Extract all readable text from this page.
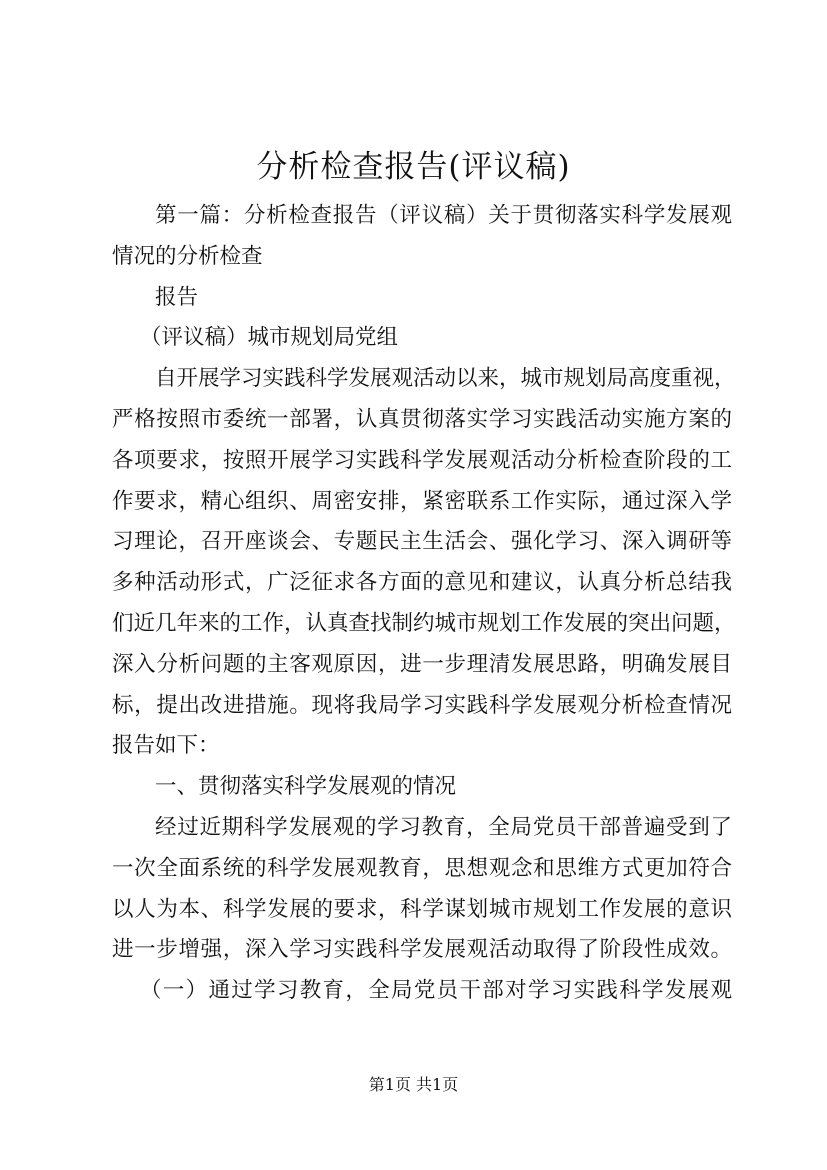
分析检查报告(评议稿)
第一篇：分析检查报告（评议稿）关于贯彻落实科学发展观
情况的分析检查
报告
（评议稿）城市规划局党组
自开展学习实践科学发展观活动以来，城市规划局高度重视，
严格按照市委统一部署，认真贯彻落实学习实践活动实施方案的
各项要求，按照开展学习实践科学发展观活动分析检查阶段的工
作要求，精心组织、周密安排，紧密联系工作实际，通过深入学
习理论，召开座谈会、专题民主生活会、强化学习、深入调研等
多种活动形式，广泛征求各方面的意见和建议，认真分析总结我
们近几年来的工作，认真查找制约城市规划工作发展的突出问题，
深入分析问题的主客观原因，进一步理清发展思路，明确发展目
标，提出改进措施。现将我局学习实践科学发展观分析检查情况
报告如下：
一、贯彻落实科学发展观的情况
经过近期科学发展观的学习教育，全局党员干部普遍受到了
一次全面系统的科学发展观教育，思想观念和思维方式更加符合
以人为本、科学发展的要求，科学谋划城市规划工作发展的意识
进一步增强，深入学习实践科学发展观活动取得了阶段性成效。
（一）通过学习教育，全局党员干部对学习实践科学发展观
第1页 共1页
